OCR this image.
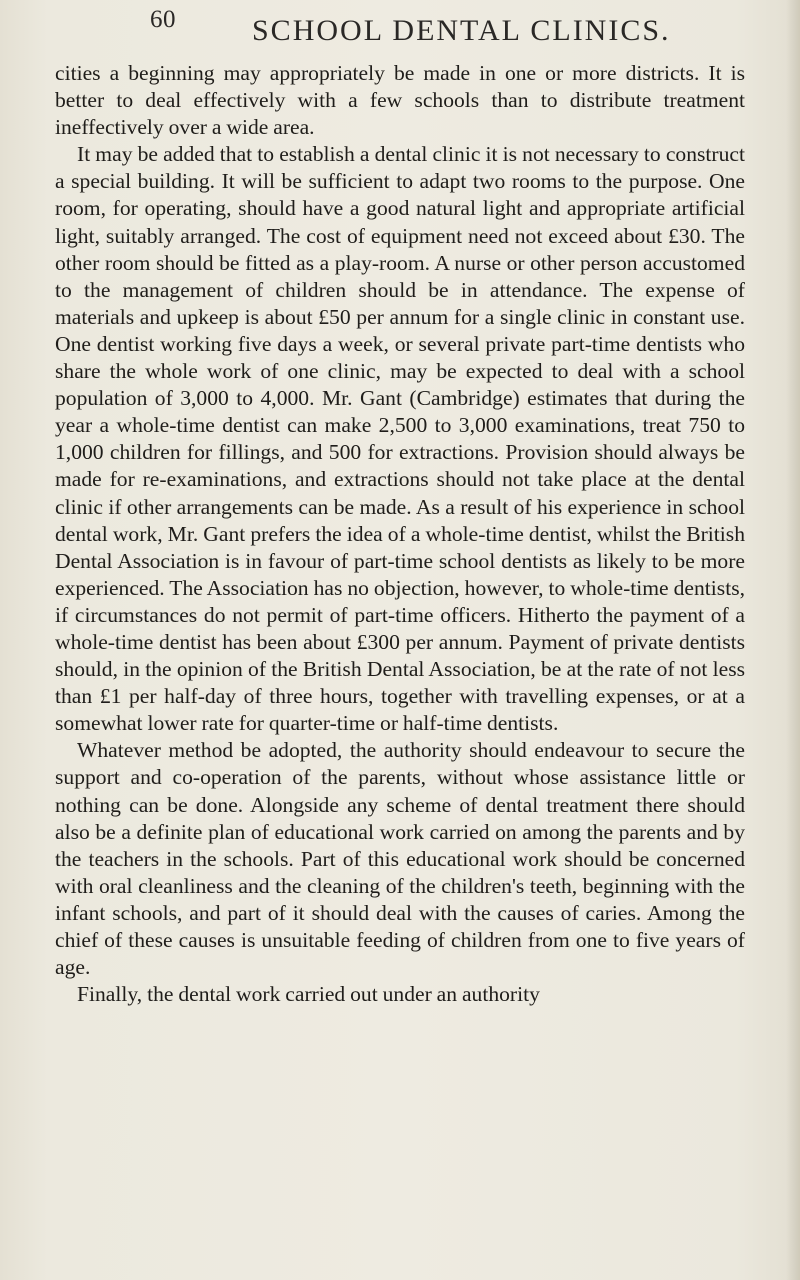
60	SCHOOL DENTAL CLINICS.

cities a beginning may appropriately be made in one or more districts. It is better to deal effectively with a few schools than to distribute treatment ineffectively over a wide area.

It may be added that to establish a dental clinic it is not necessary to construct a special building. It will be sufficient to adapt two rooms to the purpose. One room, for operating, should have a good natural light and appropriate artificial light, suitably arranged. The cost of equipment need not exceed about £30. The other room should be fitted as a play-room. A nurse or other person accustomed to the management of children should be in attendance. The expense of materials and upkeep is about £50 per annum for a single clinic in constant use. One dentist working five days a week, or several private part-time dentists who share the whole work of one clinic, may be expected to deal with a school population of 3,000 to 4,000. Mr. Gant (Cambridge) estimates that during the year a whole-time dentist can make 2,500 to 3,000 examinations, treat 750 to 1,000 children for fillings, and 500 for extractions. Provision should always be made for re-examinations, and extractions should not take place at the dental clinic if other arrangements can be made. As a result of his experience in school dental work, Mr. Gant prefers the idea of a whole-time dentist, whilst the British Dental Association is in favour of part-time school dentists as likely to be more experienced. The Association has no objection, however, to whole-time dentists, if circumstances do not permit of part-time officers. Hitherto the payment of a whole-time dentist has been about £300 per annum. Payment of private dentists should, in the opinion of the British Dental Association, be at the rate of not less than £1 per half-day of three hours, together with travelling expenses, or at a somewhat lower rate for quarter-time or half-time dentists.

Whatever method be adopted, the authority should endeavour to secure the support and co-operation of the parents, without whose assistance little or nothing can be done. Alongside any scheme of dental treatment there should also be a definite plan of educational work carried on among the parents and by the teachers in the schools. Part of this educational work should be concerned with oral cleanliness and the cleaning of the children's teeth, beginning with the infant schools, and part of it should deal with the causes of caries. Among the chief of these causes is unsuitable feeding of children from one to five years of age.

Finally, the dental work carried out under an authority
